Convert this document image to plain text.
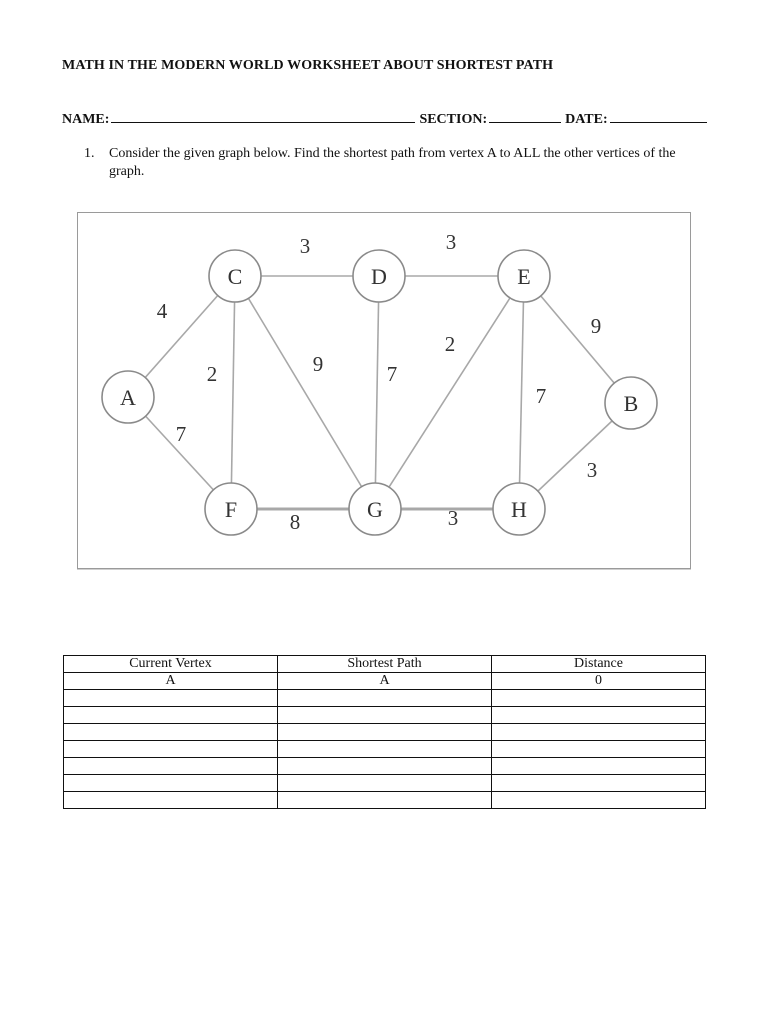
MATH IN THE MODERN WORLD WORKSHEET ABOUT SHORTEST PATH
NAME:	SECTION:	DATE:
1. Consider the given graph below. Find the shortest path from vertex A to ALL the other vertices of the graph.
4
7
3
2	9
3
7
2
7
9
8	3
3
A	B
C	D	E
F	G	H
Current Vertex	Shortest Path	Distance
A	A	0
